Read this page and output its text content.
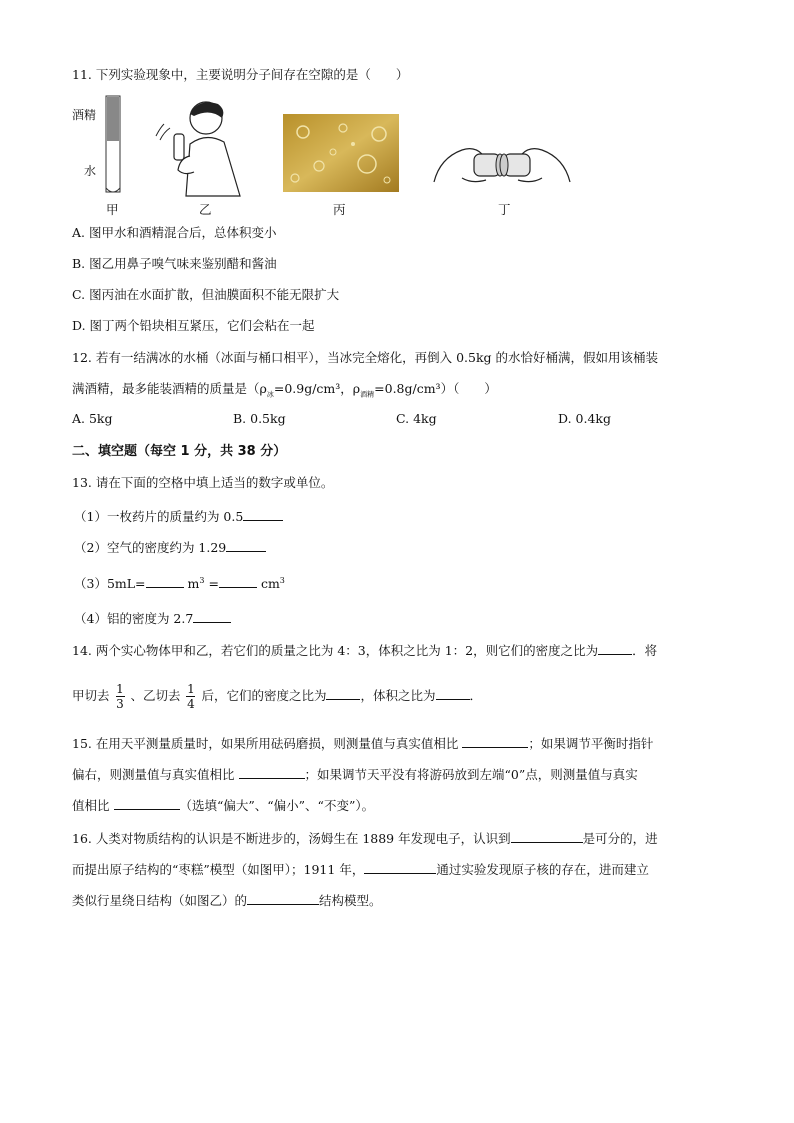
11. 下列实验现象中，主要说明分子间存在空隙的是（　　）
酒精
水
甲	乙	丙	丁
A. 图甲水和酒精混合后，总体积变小
B. 图乙用鼻子嗅气味来鉴别醋和酱油
C. 图丙油在水面扩散，但油膜面积不能无限扩大
D. 图丁两个铅块相互紧压，它们会粘在一起
12. 若有一结满冰的水桶（冰面与桶口相平），当冰完全熔化，再倒入 0.5kg 的水恰好桶满，假如用该桶装
满酒精，最多能装酒精的质量是（$\rho_冰=0.9g$/cm³，$\rho_{酒精}=0.8g/cm^3$）（　　）
A. 5kg	B. 0.5kg	C. 4kg	D. 0.4kg
二、填空题（每空 1 分，共 38 分）
13. 请在下面的空格中填上适当的数字或单位。
（1）一枚药片的质量约为 0.5
（2）空气的密度约为 1.29
（3）5mL=	$m^3$ =	$cm^3$
（4）铝的密度为 2.7
14. 两个实心物体甲和乙，若它们的质量之比为 4：3，体积之比为 1：2，则它们的密度之比为	．将
甲切去 $\frac{1}{3}$ 、乙切去 $\frac{1}{4}$ 后，它们的密度之比为	，体积之比为	．
15. 在用天平测量质量时，如果所用砝码磨损，则测量值与真实值相比	；如果调节平衡时指针
偏右，则测量值与真实值相比	；如果调节天平没有将游码放到左端“0”点，则测量值与真实
值相比	（选填“偏大”、“偏小”、“不变”）。
16. 人类对物质结构的认识是不断进步的，汤姆生在 1889 年发现电子，认识到	是可分的，进
而提出原子结构的“枣糕”模型（如图甲）；1911 年，	通过实验发现原子核的存在，进而建立
类似行星绕日结构（如图乙）的	结构模型。
